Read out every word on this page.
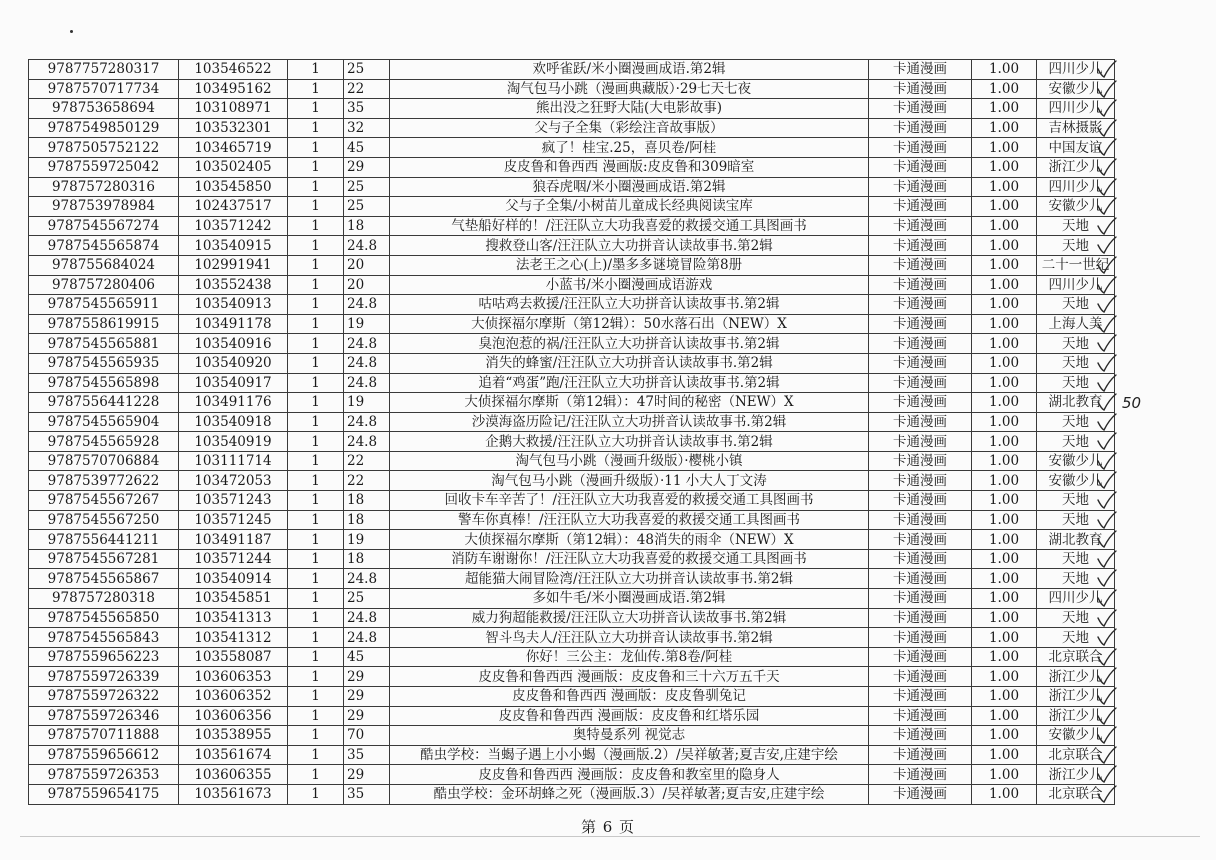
9787757280317	103546522	1	25	欢呼雀跃/米小圈漫画成语.第2辑	卡通漫画	1.00	四川少儿
9787570717734	103495162	1	22	淘气包马小跳（漫画典藏版）·29七天七夜	卡通漫画	1.00	安徽少儿
978753658694	103108971	1	35	熊出没之狂野大陆(大电影故事)	卡通漫画	1.00	四川少儿
9787549850129	103532301	1	32	父与子全集（彩绘注音故事版）	卡通漫画	1.00	吉林摄影
9787505752122	103465719	1	45	疯了！桂宝.25，喜贝卷/阿桂	卡通漫画	1.00	中国友谊
9787559725042	103502405	1	29	皮皮鲁和鲁西西 漫画版:皮皮鲁和309暗室	卡通漫画	1.00	浙江少儿
978757280316	103545850	1	25	狼吞虎咽/米小圈漫画成语.第2辑	卡通漫画	1.00	四川少儿
978753978984	102437517	1	25	父与子全集/小树苗儿童成长经典阅读宝库	卡通漫画	1.00	安徽少儿
9787545567274	103571242	1	18	气垫船好样的！/汪汪队立大功我喜爱的救援交通工具图画书	卡通漫画	1.00	天地
9787545565874	103540915	1	24.8	搜救登山客/汪汪队立大功拼音认读故事书.第2辑	卡通漫画	1.00	天地
978755684024	102991941	1	20	法老王之心(上)/墨多多谜境冒险第8册	卡通漫画	1.00	二十一世纪
978757280406	103552438	1	20	小蓝书/米小圈漫画成语游戏	卡通漫画	1.00	四川少儿
9787545565911	103540913	1	24.8	咕咕鸡去救援/汪汪队立大功拼音认读故事书.第2辑	卡通漫画	1.00	天地
9787558619915	103491178	1	19	大侦探福尔摩斯（第12辑）：50水落石出（NEW）X	卡通漫画	1.00	上海人美
9787545565881	103540916	1	24.8	臭泡泡惹的祸/汪汪队立大功拼音认读故事书.第2辑	卡通漫画	1.00	天地
9787545565935	103540920	1	24.8	消失的蜂蜜/汪汪队立大功拼音认读故事书.第2辑	卡通漫画	1.00	天地
9787545565898	103540917	1	24.8	追着“鸡蛋”跑/汪汪队立大功拼音认读故事书.第2辑	卡通漫画	1.00	天地
9787556441228	103491176	1	19	大侦探福尔摩斯（第12辑）：47时间的秘密（NEW）X	卡通漫画	1.00	湖北教育
9787545565904	103540918	1	24.8	沙漠海盗历险记/汪汪队立大功拼音认读故事书.第2辑	卡通漫画	1.00	天地
9787545565928	103540919	1	24.8	企鹅大救援/汪汪队立大功拼音认读故事书.第2辑	卡通漫画	1.00	天地
9787570706884	103111714	1	22	淘气包马小跳（漫画升级版）·樱桃小镇	卡通漫画	1.00	安徽少儿
9787539772622	103472053	1	22	淘气包马小跳（漫画升级版）·11 小大人丁文涛	卡通漫画	1.00	安徽少儿
9787545567267	103571243	1	18	回收卡车辛苦了！/汪汪队立大功我喜爱的救援交通工具图画书	卡通漫画	1.00	天地
9787545567250	103571245	1	18	警车你真棒！/汪汪队立大功我喜爱的救援交通工具图画书	卡通漫画	1.00	天地
9787556441211	103491187	1	19	大侦探福尔摩斯（第12辑）：48消失的雨伞（NEW）X	卡通漫画	1.00	湖北教育
9787545567281	103571244	1	18	消防车谢谢你！/汪汪队立大功我喜爱的救援交通工具图画书	卡通漫画	1.00	天地
9787545565867	103540914	1	24.8	超能猫大闹冒险湾/汪汪队立大功拼音认读故事书.第2辑	卡通漫画	1.00	天地
978757280318	103545851	1	25	多如牛毛/米小圈漫画成语.第2辑	卡通漫画	1.00	四川少儿
9787545565850	103541313	1	24.8	威力狗超能救援/汪汪队立大功拼音认读故事书.第2辑	卡通漫画	1.00	天地
9787545565843	103541312	1	24.8	智斗鸟夫人/汪汪队立大功拼音认读故事书.第2辑	卡通漫画	1.00	天地
9787559656223	103558087	1	45	你好！三公主：龙仙传.第8卷/阿桂	卡通漫画	1.00	北京联合
9787559726339	103606353	1	29	皮皮鲁和鲁西西 漫画版：皮皮鲁和三十六万五千天	卡通漫画	1.00	浙江少儿
9787559726322	103606352	1	29	皮皮鲁和鲁西西 漫画版：皮皮鲁驯兔记	卡通漫画	1.00	浙江少儿
9787559726346	103606356	1	29	皮皮鲁和鲁西西 漫画版：皮皮鲁和红塔乐园	卡通漫画	1.00	浙江少儿
9787570711888	103538955	1	70	奥特曼系列 视觉志	卡通漫画	1.00	安徽少儿
9787559656612	103561674	1	35	酷虫学校：当蝎子遇上小小蝎（漫画版.2）/吴祥敏著;夏吉安,庄建宇绘	卡通漫画	1.00	北京联合
9787559726353	103606355	1	29	皮皮鲁和鲁西西 漫画版：皮皮鲁和教室里的隐身人	卡通漫画	1.00	浙江少儿
9787559654175	103561673	1	35	酷虫学校：金环胡蜂之死（漫画版.3）/吴祥敏著;夏吉安,庄建宇绘	卡通漫画	1.00	北京联合
50
第 6 页
